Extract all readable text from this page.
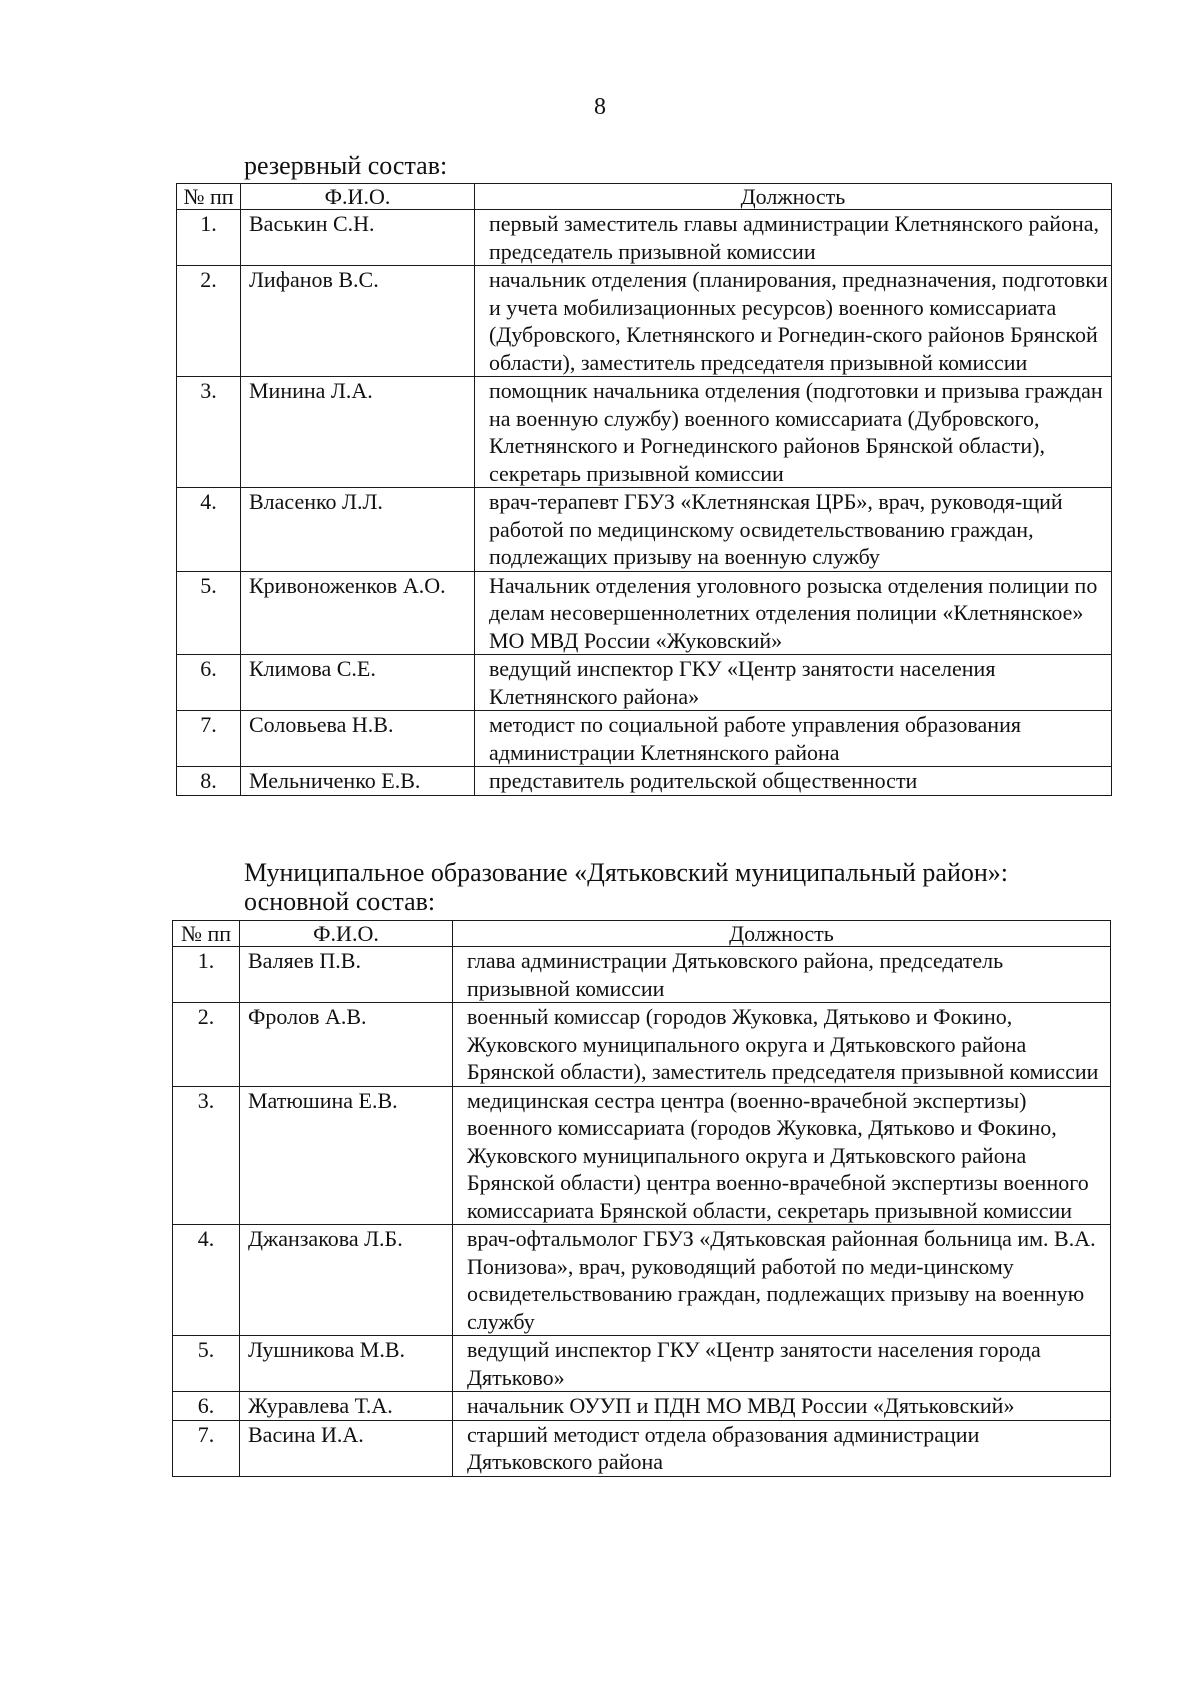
8
резервный состав:
№ пп	Ф.И.О.	Должность
1.	Васькин С.Н.	первый заместитель главы администрации Клетнянского района, председатель призывной комиссии
2.	Лифанов В.С.	начальник отделения (планирования, предназначения, подготовки и учета мобилизационных ресурсов) военного комиссариата (Дубровского, Клетнянского и Рогнедин-ского районов Брянской области), заместитель председателя призывной комиссии
3.	Минина Л.А.	помощник начальника отделения (подготовки и призыва граждан на военную службу) военного комиссариата (Дубровского, Клетнянского и Рогнединского районов Брянской области), секретарь призывной комиссии
4.	Власенко Л.Л.	врач-терапевт ГБУЗ «Клетнянская ЦРБ», врач, руководя-щий работой по медицинскому освидетельствованию граждан, подлежащих призыву на военную службу
5.	Кривоноженков А.О.	Начальник отделения уголовного розыска отделения полиции по делам несовершеннолетних отделения полиции «Клетнянское» МО МВД России «Жуковский»
6.	Климова С.Е.	ведущий инспектор ГКУ «Центр занятости населения Клетнянского района»
7.	Соловьева Н.В.	методист по социальной работе управления образования администрации Клетнянского района
8.	Мельниченко Е.В.	представитель родительской общественности
Муниципальное образование «Дятьковский муниципальный район»:
основной состав:
№ пп	Ф.И.О.	Должность
1.	Валяев П.В.	глава администрации Дятьковского района, председатель призывной комиссии
2.	Фролов А.В.	военный комиссар (городов Жуковка, Дятьково и Фокино, Жуковского муниципального округа и Дятьковского района Брянской области), заместитель председателя призывной комиссии
3.	Матюшина Е.В.	медицинская сестра центра (военно-врачебной экспертизы) военного комиссариата (городов Жуковка, Дятьково и Фокино, Жуковского муниципального округа и Дятьковского района Брянской области) центра военно-врачебной экспертизы военного комиссариата Брянской области, секретарь призывной комиссии
4.	Джанзакова Л.Б.	врач-офтальмолог ГБУЗ «Дятьковская районная больница им. В.А. Понизова», врач, руководящий работой по меди-цинскому освидетельствованию граждан, подлежащих призыву на военную службу
5.	Лушникова М.В.	ведущий инспектор ГКУ «Центр занятости населения города Дятьково»
6.	Журавлева Т.А.	начальник ОУУП и ПДН МО МВД России «Дятьковский»
7.	Васина И.А.	старший методист отдела образования администрации Дятьковского района
